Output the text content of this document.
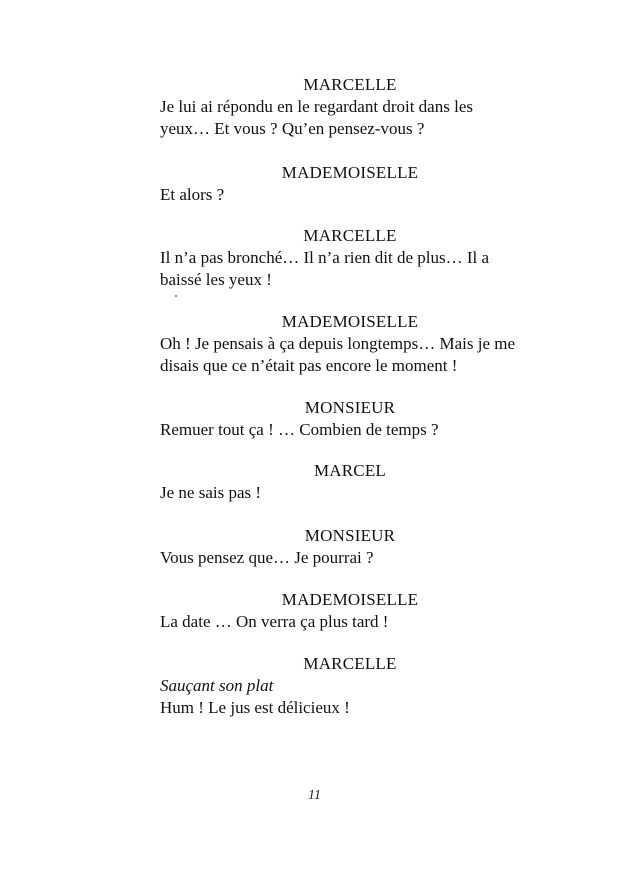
MARCELLE
Je lui ai répondu en le regardant droit dans les
yeux… Et vous ? Qu’en pensez-vous ?
MADEMOISELLE
Et alors ?
MARCELLE
Il n’a pas bronché… Il n’a rien dit de plus… Il a
baissé les yeux !
MADEMOISELLE
Oh ! Je pensais à ça depuis longtemps… Mais je me
disais que ce n’était pas encore le moment !
MONSIEUR
Remuer tout ça ! … Combien de temps ?
MARCEL
Je ne sais pas !
MONSIEUR
Vous pensez que… Je pourrai ?
MADEMOISELLE
La date … On verra ça plus tard !
MARCELLE
Sauçant son plat
Hum ! Le jus est délicieux !
11
